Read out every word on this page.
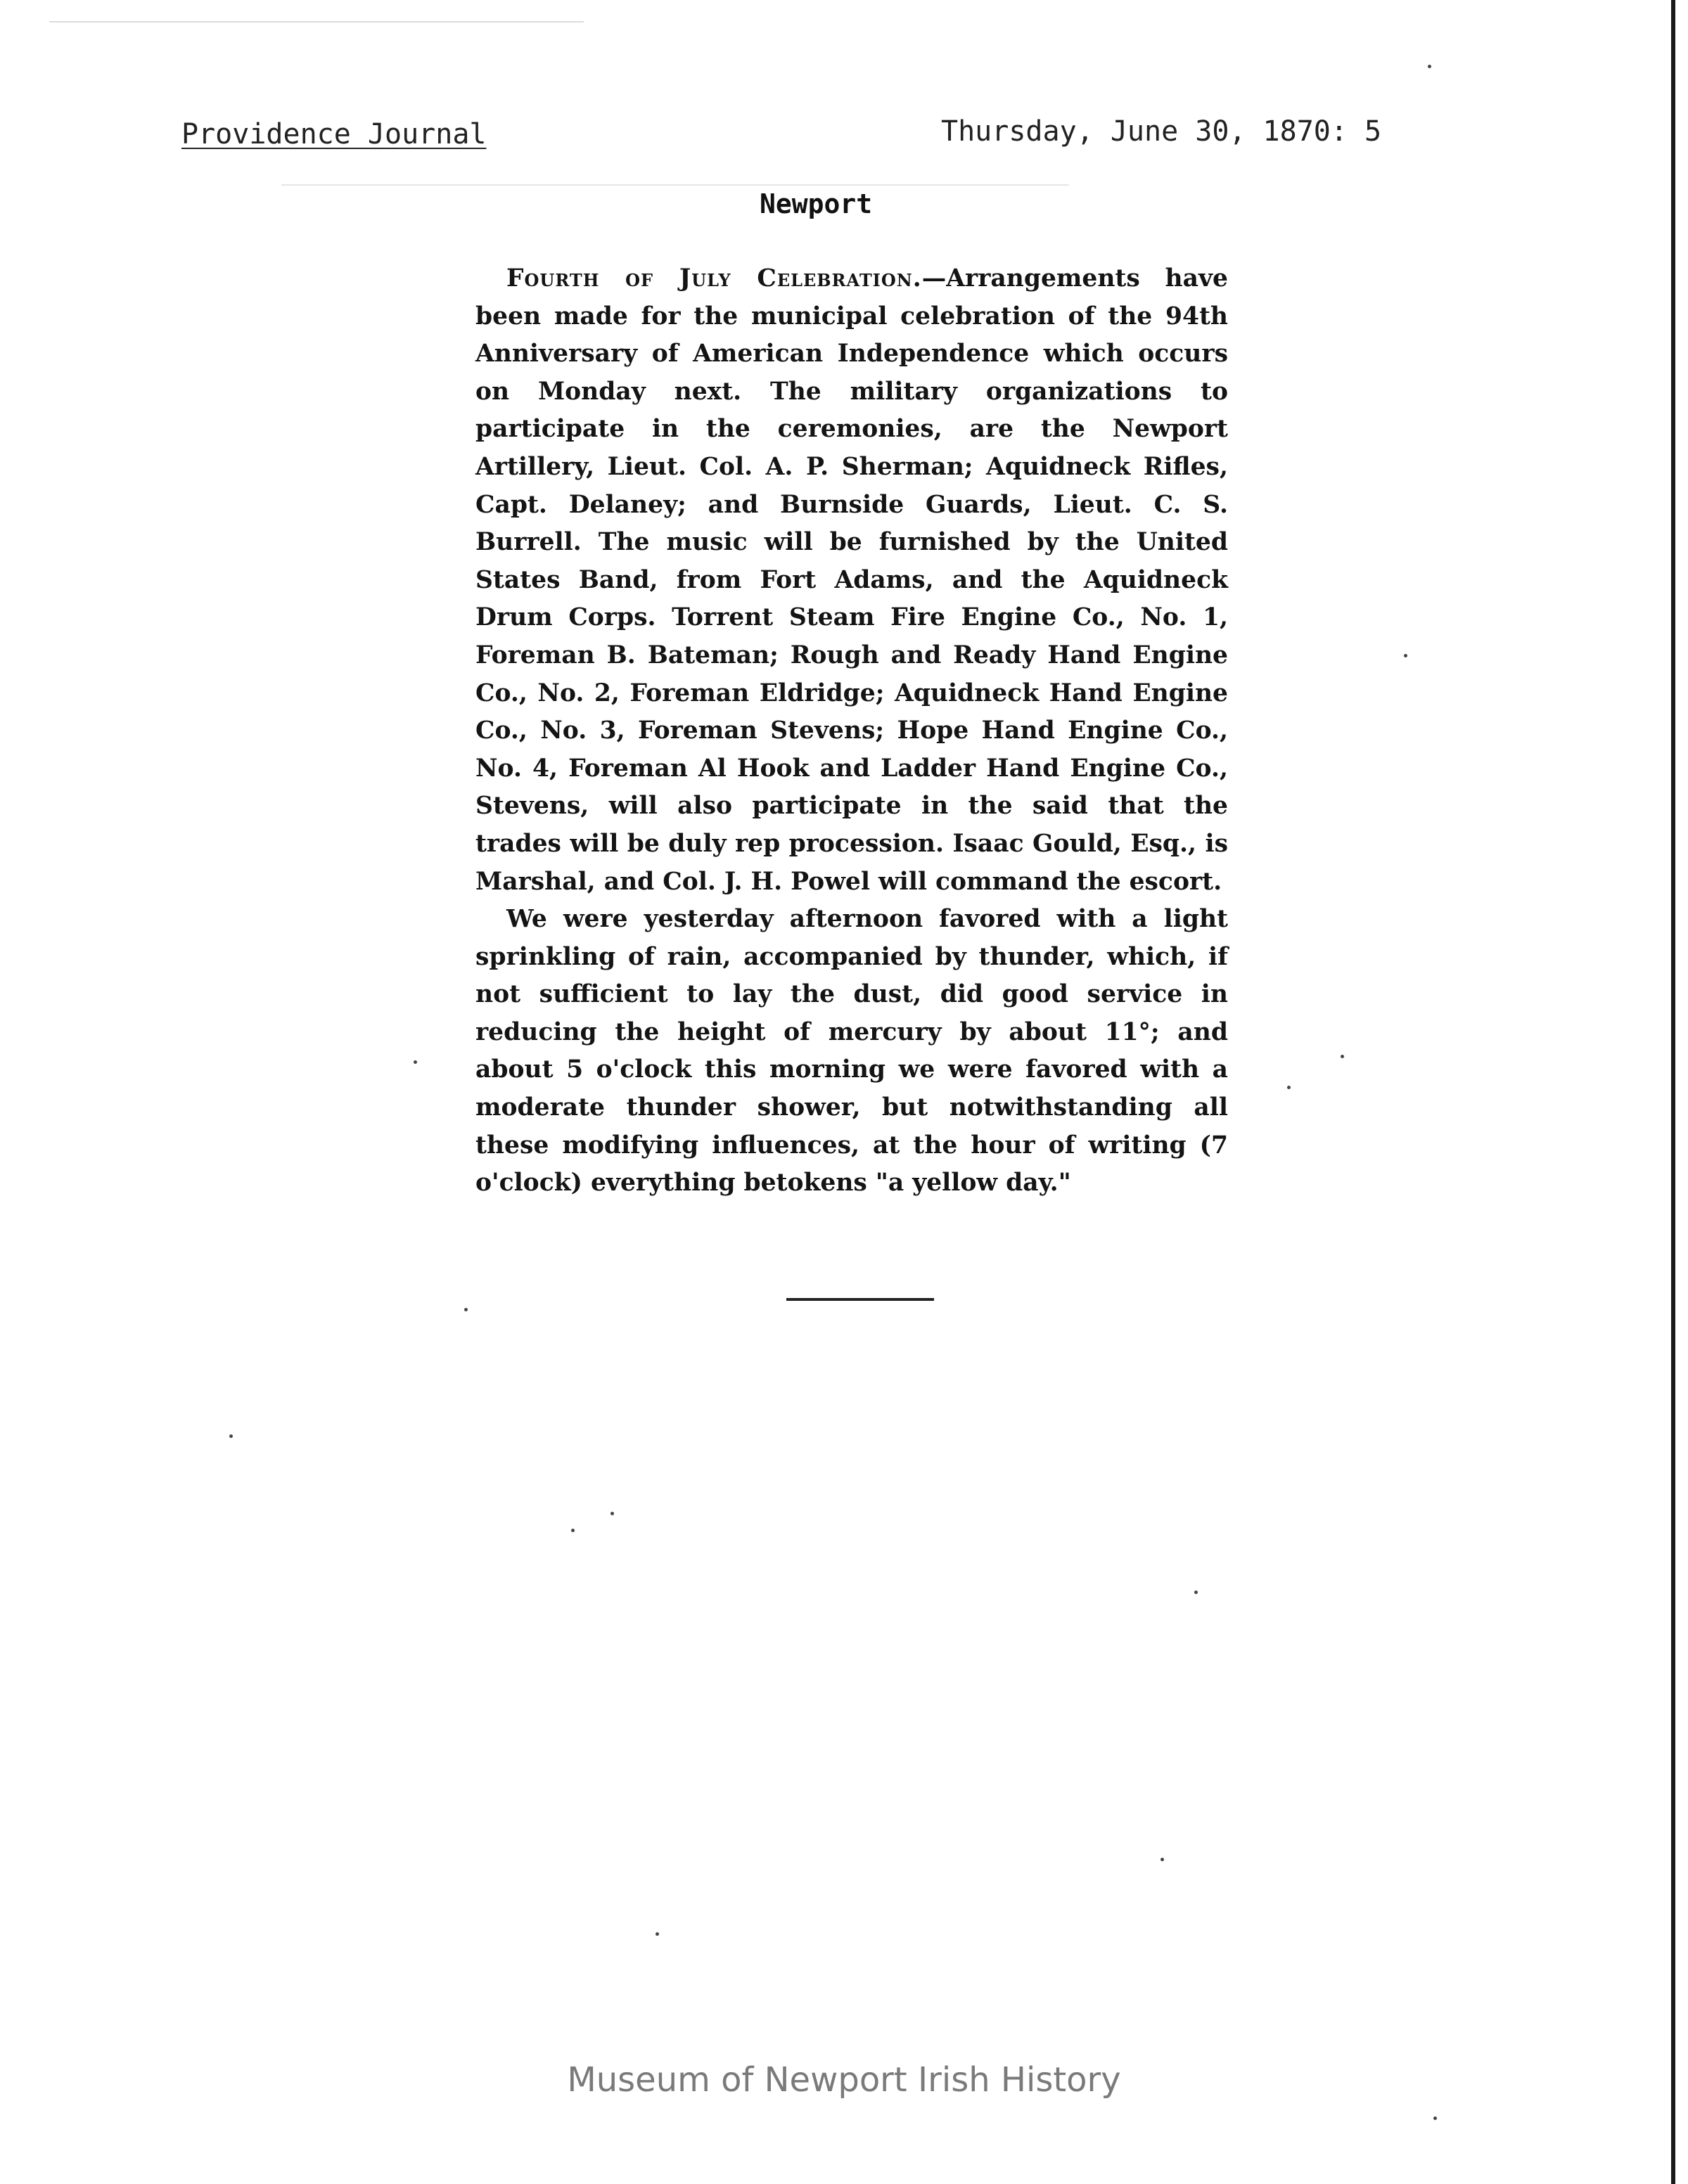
Providence Journal	Thursday, June 30, 1870: 5
Newport

Fourth of July Celebration.—Arrangements have been made for the municipal celebration of the 94th Anniversary of American Independence which occurs on Monday next. The military organizations to participate in the ceremonies, are the Newport Artillery, Lieut. Col. A. P. Sherman; Aquidneck Rifles, Capt. Delaney; and Burnside Guards, Lieut. C. S. Burrell. The music will be furnished by the United States Band, from Fort Adams, and the Aquidneck Drum Corps. Torrent Steam Fire Engine Co., No. 1, Foreman B. Bateman; Rough and Ready Hand Engine Co., No. 2, Foreman Eldridge; Aquidneck Hand Engine Co., No. 3, Foreman Stevens; Hope Hand Engine Co., No. 4, Foreman Al Hook and Ladder Hand Engine Co., Stevens, will also participate in the said that the trades will be duly rep procession. Isaac Gould, Esq., is Marshal, and Col. J. H. Powel will command the escort.

We were yesterday afternoon favored with a light sprinkling of rain, accompanied by thunder, which, if not sufficient to lay the dust, did good service in reducing the height of mercury by about 11°; and about 5 o'clock this morning we were favored with a moderate thunder shower, but notwithstanding all these modifying influences, at the hour of writing (7 o'clock) everything betokens "a yellow day."

Museum of Newport Irish History
